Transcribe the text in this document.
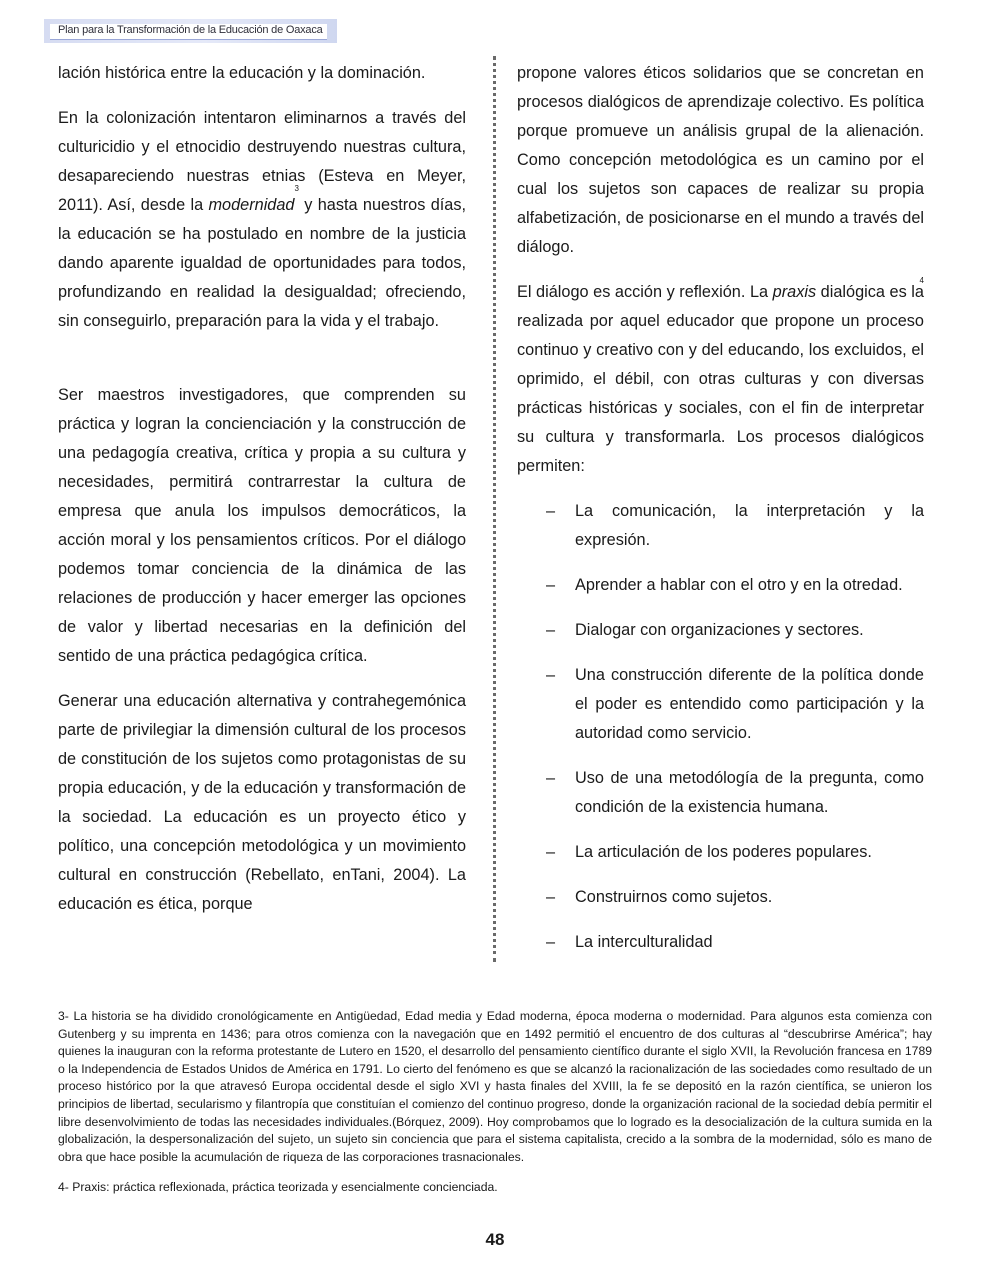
Plan para la Transformación de la Educación de Oaxaca

lación histórica entre la educación y la dominación.

En la colonización intentaron eliminarnos a través del culturicidio y el etnocidio destruyendo nuestras cultura, desapareciendo nuestras etnias (Esteva en Meyer, 2011). Así, desde la modernidad$^3$ y hasta nuestros días, la educación se ha postulado en nombre de la justicia dando aparente igualdad de oportunidades para todos, profundizando en realidad la desigualdad; ofreciendo, sin conseguirlo, preparación para la vida y el trabajo.

Ser maestros investigadores, que comprenden su práctica y logran la concienciación y la construcción de una pedagogía creativa, crítica y propia a su cultura y necesidades, permitirá contrarrestar la cultura de empresa que anula los impulsos democráticos, la acción moral y los pensamientos críticos. Por el diálogo podemos tomar conciencia de la dinámica de las relaciones de producción y hacer emerger las opciones de valor y libertad necesarias en la definición del sentido de una práctica pedagógica crítica.

Generar una educación alternativa y contrahegemónica parte de privilegiar la dimensión cultural de los procesos de constitución de los sujetos como protagonistas de su propia educación, y de la educación y transformación de la sociedad. La educación es un proyecto ético y político, una concepción metodológica y un movimiento cultural en construcción (Rebellato, enTani, 2004). La educación es ética, porque

propone valores éticos solidarios que se concretan en procesos dialógicos de aprendizaje colectivo. Es política porque promueve un análisis grupal de la alienación. Como concepción metodológica es un camino por el cual los sujetos son capaces de realizar su propia alfabetización, de posicionarse en el mundo a través del diálogo.

El diálogo es acción y reflexión. La praxis
4
dialógica es la realizada por aquel educador que propone un proceso continuo y creativo con y del educando, los excluidos, el oprimido, el débil, con otras culturas y con diversas prácticas históricas y sociales, con el fin de interpretar su cultura y transformarla. Los procesos dialógicos permiten:

– La comunicación, la interpretación y la expresión.
– Aprender a hablar con el otro y en la otredad.
– Dialogar con organizaciones y sectores.
– Una construcción diferente de la política donde el poder es entendido como participación y la autoridad como servicio.
– Uso de una metodólogía de la pregunta, como condición de la existencia humana.
– La articulación de los poderes populares.
– Construirnos como sujetos.
– La interculturalidad

3- La historia se ha dividido cronológicamente en Antigüedad, Edad media y Edad moderna, época moderna o modernidad. Para algunos esta comienza con Gutenberg y su imprenta en 1436; para otros comienza con la navegación que en 1492 permitió el encuentro de dos culturas al “descubrirse América”; hay quienes la inauguran con la reforma protestante de Lutero en 1520, el desarrollo del pensamiento científico durante el siglo XVII, la Revolución francesa en 1789 o la Independencia de Estados Unidos de América en 1791. Lo cierto del fenómeno es que se alcanzó la racionalización de las sociedades como resultado de un proceso histórico por la que atravesó Europa occidental desde el siglo XVI y hasta finales del XVIII, la fe se depositó en la razón científica, se unieron los principios de libertad, secularismo y filantropía que constituían el comienzo del continuo progreso, donde la organización racional de la sociedad debía permitir el libre desenvolvimiento de todas las necesidades individuales.(Bórquez, 2009). Hoy comprobamos que lo logrado es la desocialización de la cultura sumida en la globalización, la despersonalización del sujeto, un sujeto sin conciencia que para el sistema capitalista, crecido a la sombra de la modernidad, sólo es mano de obra que hace posible la acumulación de riqueza de las corporaciones trasnacionales.

4- Praxis: práctica reflexionada, práctica teorizada y esencialmente concienciada.

48
